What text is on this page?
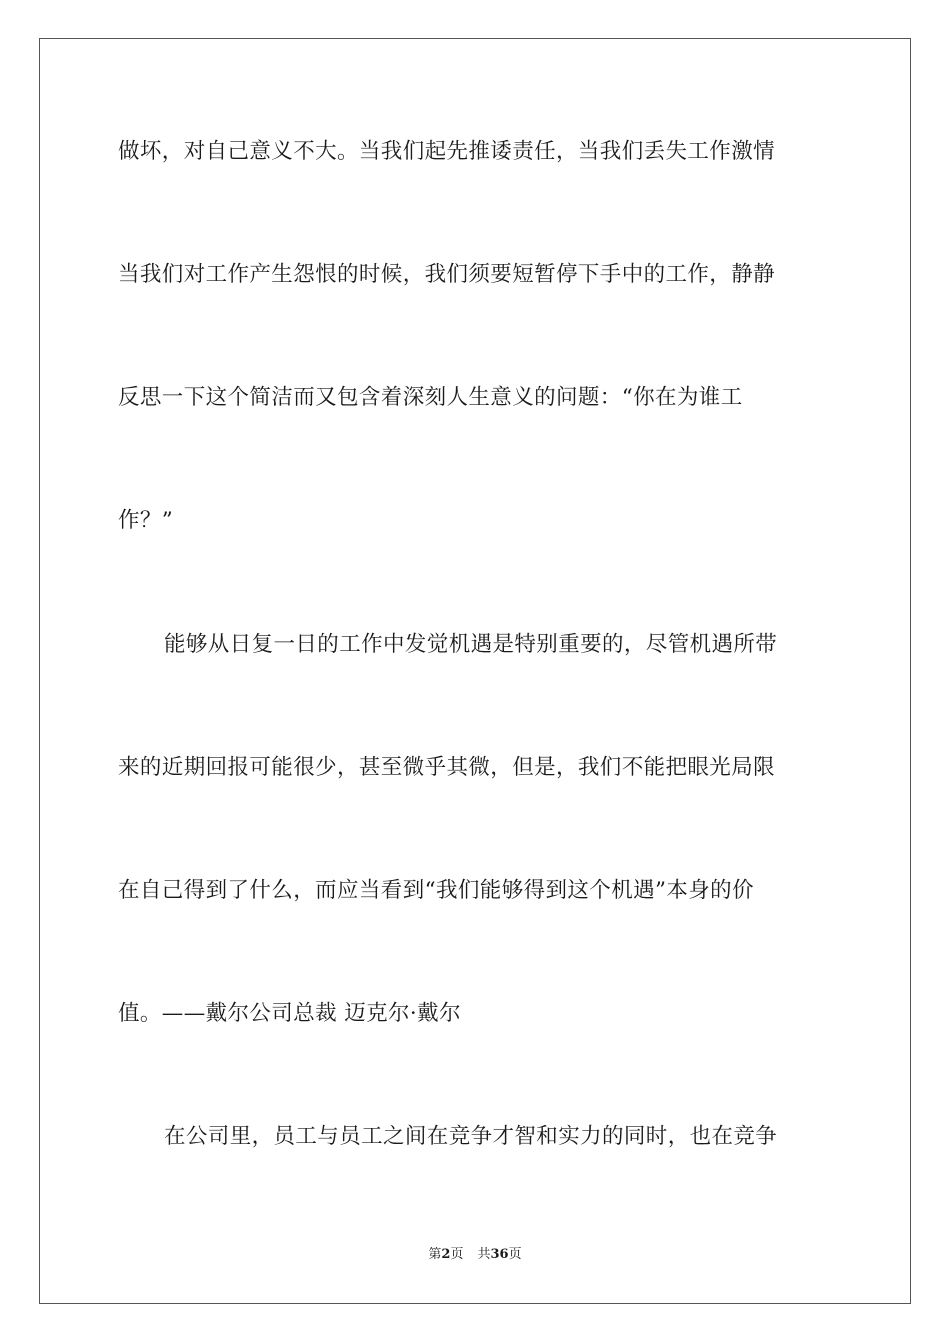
做坏，对自己意义不大。当我们起先推诿责任，当我们丢失工作激情
当我们对工作产生怨恨的时候，我们须要短暂停下手中的工作，静静
反思一下这个简洁而又包含着深刻人生意义的问题：“你在为谁工
作？”
能够从日复一日的工作中发觉机遇是特别重要的，尽管机遇所带
来的近期回报可能很少，甚至微乎其微，但是，我们不能把眼光局限
在自己得到了什么，而应当看到“我们能够得到这个机遇”本身的价
值。——戴尔公司总裁 迈克尔·戴尔
在公司里，员工与员工之间在竞争才智和实力的同时，也在竞争
第2页 共36页
